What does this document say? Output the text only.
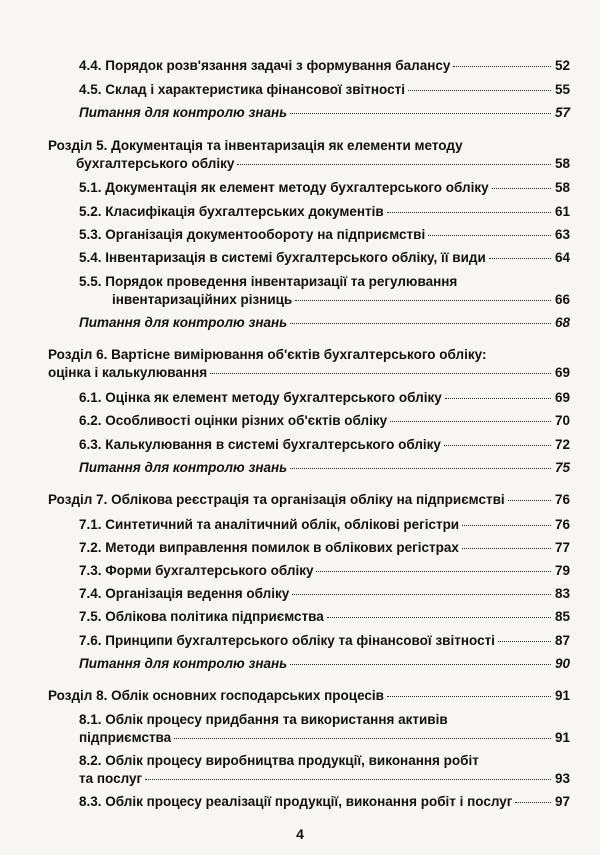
4.4. Порядок розв'язання задачі з формування балансу	52
4.5. Склад і характеристика фінансової звітності	55
Питання для контролю знань	57
Розділ 5. Документація та інвентаризація як елементи методу
бухгалтерського обліку	58
5.1. Документація як елемент методу бухгалтерського обліку	58
5.2. Класифікація бухгалтерських документів	61
5.3. Організація документообороту на підприємстві	63
5.4. Інвентаризація в системі бухгалтерського обліку, її види	64
5.5. Порядок проведення інвентаризації та регулювання
інвентаризаційних різниць	66
Питання для контролю знань	68
Розділ 6. Вартісне вимірювання об'єктів бухгалтерського обліку:
оцінка і калькулювання	69
6.1. Оцінка як елемент методу бухгалтерського обліку	69
6.2. Особливості оцінки різних об'єктів обліку	70
6.3. Калькулювання в системі бухгалтерського обліку	72
Питання для контролю знань	75
Розділ 7. Облікова реєстрація та організація обліку на підприємстві	76
7.1. Синтетичний та аналітичний облік, облікові регістри	76
7.2. Методи виправлення помилок в облікових регістрах	77
7.3. Форми бухгалтерського обліку	79
7.4. Організація ведення обліку	83
7.5. Облікова політика підприємства	85
7.6. Принципи бухгалтерського обліку та фінансової звітності	87
Питання для контролю знань	90
Розділ 8. Облік основних господарських процесів	91
8.1. Облік процесу придбання та використання активів
підприємства	91
8.2. Облік процесу виробництва продукції, виконання робіт
та послуг	93
8.3. Облік процесу реалізації продукції, виконання робіт і послуг	97
4
